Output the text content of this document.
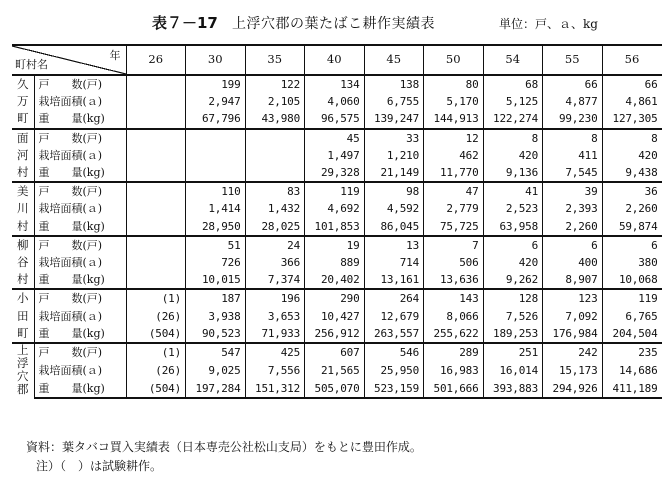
表７－17 上浮穴郡の葉たばこ耕作実績表	単位：戸、ａ、kg
年
町村名		26	30	35	40	45	50	54	55	56

久
万
町	戸　　数(戸)		199	122	134	138	80	68	66	66
	栽培面積(ａ)		2,947	2,105	4,060	6,755	5,170	5,125	4,877	4,861
	重　　量(kg)		67,796	43,980	96,575	139,247	144,913	122,274	99,230	127,305

面
河
村	戸　　数(戸)				45	33	12	8	8	8
	栽培面積(ａ)				1,497	1,210	462	420	411	420
	重　　量(kg)				29,328	21,149	11,770	9,136	7,545	9,438

美
川
村	戸　　数(戸)		110	83	119	98	47	41	39	36
	栽培面積(ａ)		1,414	1,432	4,692	4,592	2,779	2,523	2,393	2,260
	重　　量(kg)		28,950	28,025	101,853	86,045	75,725	63,958	2,260	59,874

柳
谷
村	戸　　数(戸)		51	24	19	13	7	6	6	6
	栽培面積(ａ)		726	366	889	714	506	420	400	380
	重　　量(kg)		10,015	7,374	20,402	13,161	13,636	9,262	8,907	10,068

小
田
町	戸　　数(戸)	(1)	187	196	290	264	143	128	123	119
	栽培面積(ａ)	(26)	3,938	3,653	10,427	12,679	8,066	7,526	7,092	6,765
	重　　量(kg)	(504)	90,523	71,933	256,912	263,557	255,622	189,253	176,984	204,504

上
浮
穴
郡	戸　　数(戸)	(1)	547	425	607	546	289	251	242	235
	栽培面積(ａ)	(26)	9,025	7,556	21,565	25,950	16,983	16,014	15,173	14,686
	重　　量(kg)	(504)	197,284	151,312	505,070	523,159	501,666	393,883	294,926	411,189
資料：葉タバコ買入実績表（日本専売公社松山支局）をもとに豊田作成。
注）（　）は試験耕作。
